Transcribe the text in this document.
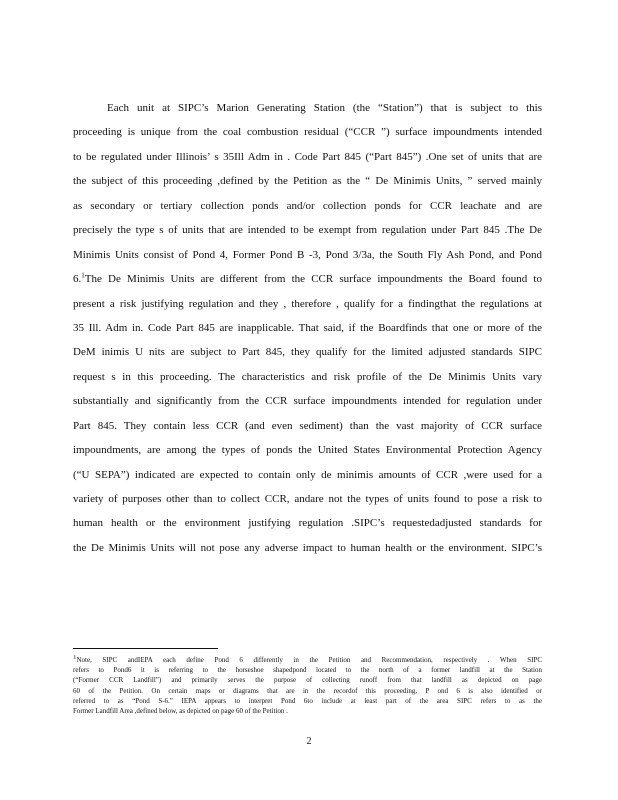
Each unit at SIPC’s Marion Generating Station (the “Station”) that is subject to this
proceeding is unique from the coal combustion residual (“CCR ”) surface impoundments intended
to be regulated under Illinois’ s 35Ill Adm in . Code Part 845 (“Part 845”) .One set of units that are
the subject of this proceeding ,defined by the Petition as the “ De Minimis Units, ” served mainly
as secondary or tertiary collection ponds and/or collection ponds for CCR leachate and are
precisely the type s of units that are intended to be exempt from regulation under Part 845 .The De
Minimis Units consist of Pond 4, Former Pond B -3, Pond 3/3a, the South Fly Ash Pond, and Pond
6.$^1$The De Minimis Units are different from the CCR surface impoundments the Board found to
present a risk justifying regulation and they , therefore , qualify for a findingthat the regulations at
35 Ill. Adm in. Code Part 845 are inapplicable. That said, if the Boardfinds that one or more of the
DeM inimis U nits are subject to Part 845, they qualify for the limited adjusted standards SIPC
request s in this proceeding. The characteristics and risk profile of the De Minimis Units vary
substantially and significantly from the CCR surface impoundments intended for regulation under
Part 845. They contain less CCR (and even sediment) than the vast majority of CCR surface
impoundments, are among the types of ponds the United States Environmental Protection Agency
(“U SEPA”) indicated are expected to contain only de minimis amounts of CCR ,were used for a
variety of purposes other than to collect CCR, andare not the types of units found to pose a risk to
human health or the environment justifying regulation .SIPC’s requestedadjusted standards for
the De Minimis Units will not pose any adverse impact to human health or the environment. SIPC’s
1Note, SIPC andIEPA each define Pond 6 differently in the Petition and Recommendation, respectively . When SIPC
refers to Pond6 it is referring to the horseshoe shapedpond located to the north of a former landfill at the Station
(“Former CCR Landfill”) and primarily serves the purpose of collecting runoff from that landfill as depicted on page
60 of the Petition. On certain maps or diagrams that are in the recordof this proceeding, P ond 6 is also identified or
referred to as “Pond S-6.” IEPA appears to interpret Pond 6to include at least part of the area SIPC refers to as the
Former Landfill Area ,defined below, as depicted on page 60 of the Petition .
2
